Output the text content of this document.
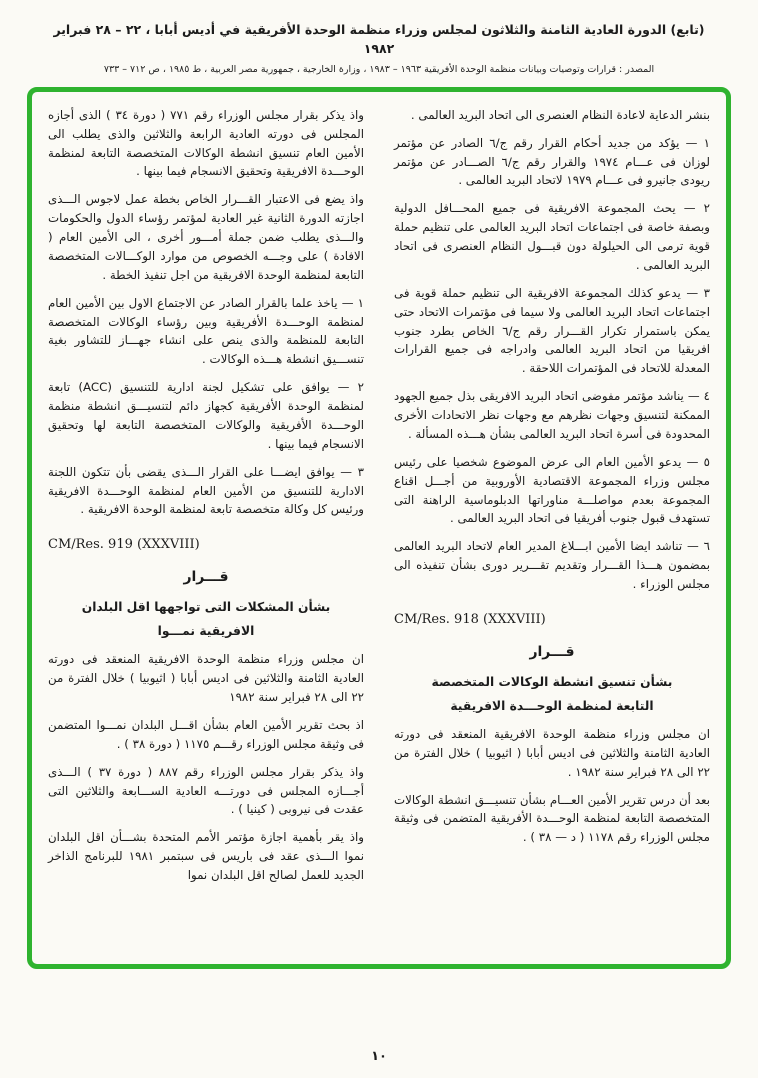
(تابع) الدورة العادية الثامنة والثلاثون لمجلس وزراء منظمة الوحدة الأفريقية في أديس أبابا ، ٢٢ – ٢٨ فبراير ١٩٨٢
المصدر : قرارات وتوصيات وبيانات منظمة الوحدة الأفريقية ١٩٦٣ – ١٩٨٣ ، وزارة الخارجية ، جمهورية مصر العربية ، ط ١٩٨٥ ، ص ٧١٢ – ٧٣٣

بنشر الدعاية لاعادة النظام العنصرى الى اتحاد البريد العالمى .

١ — يؤكد من جديد أحكام القرار رقم ج/٦ الصادر عن مؤتمر لوزان فى عـــام ١٩٧٤ والقرار رقم ج/٦ الصـــادر عن مؤتمر ريودى جانيرو فى عـــام ١٩٧٩ لاتحاد البريد العالمى .

٢ — يحث المجموعة الافريقية فى جميع المحـــافل الدولية وبصفة خاصة فى اجتماعات اتحاد البريد العالمى على تنظيم حملة قوية ترمى الى الحيلولة دون قبـــول النظام العنصرى فى اتحاد البريد العالمى .

٣ — يدعو كذلك المجموعة الافريقية الى تنظيم حملة قوية فى اجتماعات اتحاد البريد العالمى ولا سيما فى مؤتمرات الاتحاد حتى يمكن باستمرار تكرار القـــرار رقم ج/٦ الخاص بطرد جنوب افريقيا من اتحاد البريد العالمى وادراجه فى جميع القرارات المعدلة للاتحاد فى المؤتمرات اللاحقة .

٤ — يناشد مؤتمر مفوضى اتحاد البريد الافريقى بذل جميع الجهود الممكنة لتنسيق وجهات نظرهم مع وجهات نظر الاتحادات الأخرى المحدودة فى أسرة اتحاد البريد العالمى بشأن هـــذه المسألة .

٥ — يدعو الأمين العام الى عرض الموضوع شخصيا على رئيس مجلس وزراء المجموعة الاقتصادية الأوروبية من أجـــل اقناع المجموعة بعدم مواصلـــة مناوراتها الدبلوماسية الراهنة التى تستهدف قبول جنوب أفريقيا فى اتحاد البريد العالمى .

٦ — تناشد ايضا الأمين ابـــلاغ المدير العام لاتحاد البريد العالمى بمضمون هـــذا القـــرار وتقديم تقـــرير دورى بشأن تنفيذه الى مجلس الوزراء .

CM/Res. 918 (XXXVIII)

قـــرار
بشأن تنسيق انشطة الوكالات المتخصصة
التابعة لمنظمة الوحـــدة الافريقية

ان مجلس وزراء منظمة الوحدة الافريقية المنعقد فى دورته العادية الثامنة والثلاثين فى اديس أبابا ( اثيوبيا ) خلال الفترة من ٢٢ الى ٢٨ فبراير سنة ١٩٨٢ .

بعد أن درس تقرير الأمين العـــام بشأن تنسيـــق انشطة الوكالات المتخصصة التابعة لمنظمة الوحـــدة الأفريقية المتضمن فى وثيقة مجلس الوزراء رقم ١١٧٨ ( د — ٣٨ ) .

واذ يذكر بقرار مجلس الوزراء رقم ٧٧١ ( دورة ٣٤ ) الذى أجازه المجلس فى دورته العادية الرابعة والثلاثين والذى يطلب الى الأمين العام تنسيق انشطة الوكالات المتخصصة التابعة لمنظمة الوحـــدة الافريقية وتحقيق الانسجام فيما بينها .

واذ يضع فى الاعتبار القـــرار الخاص بخطة عمل لاجوس الـــذى اجازته الدورة الثانية غير العادية لمؤتمر رؤساء الدول والحكومات والـــذى يطلب ضمن جملة أمـــور أخرى ، الى الأمين العام ( الافادة ) على وجـــه الخصوص من موارد الوكـــالات المتخصصة التابعة لمنظمة الوحدة الافريقية من اجل تنفيذ الخطة .

١ — ياخذ علما بالقرار الصادر عن الاجتماع الاول بين الأمين العام لمنظمة الوحـــدة الأفريقية وبين رؤساء الوكالات المتخصصة التابعة للمنظمة والذى ينص على انشاء جهـــاز للتشاور بغية تنســـيق انشطة هـــذه الوكالات .

٢ — يوافق على تشكيل لجنة ادارية للتنسيق (ACC) تابعة لمنظمة الوحدة الأفريقية كجهاز دائم لتنسيـــق انشطة منظمة الوحـــدة الأفريقية والوكالات المتخصصة التابعة لها وتحقيق الانسجام فيما بينها .

٣ — يوافق ايضـــا على القرار الـــذى يقضى بأن تتكون اللجنة الادارية للتنسيق من الأمين العام لمنظمة الوحـــدة الافريقية ورئيس كل وكالة متخصصة تابعة لمنظمة الوحدة الافريقية .

CM/Res. 919 (XXXVIII)

قـــرار
بشأن المشكلات التى تواجهها اقل البلدان
الافريقية نمـــوا

ان مجلس وزراء منظمة الوحدة الافريقية المنعقد فى دورته العادية الثامنة والثلاثين فى اديس أبابا ( اثيوبيا ) خلال الفترة من ٢٢ الى ٢٨ فبراير سنة ١٩٨٢

اذ بحث تقرير الأمين العام بشأن اقـــل البلدان نمـــوا المتضمن فى وثيقة مجلس الوزراء رقـــم ١١٧٥ ( دورة ٣٨ ) .

واذ يذكر بقرار مجلس الوزراء رقم ٨٨٧ ( دورة ٣٧ ) الـــذى أجـــازه المجلس فى دورتـــه العادية الســـابعة والثلاثين التى عقدت فى نيروبى ( كينيا ) .

واذ يقر بأهمية اجازة مؤتمر الأمم المتحدة بشـــأن اقل البلدان نموا الـــذى عقد فى باريس فى سبتمبر ١٩٨١ للبرنامج الذاخر الجديد للعمل لصالح اقل البلدان نموا

١٠
